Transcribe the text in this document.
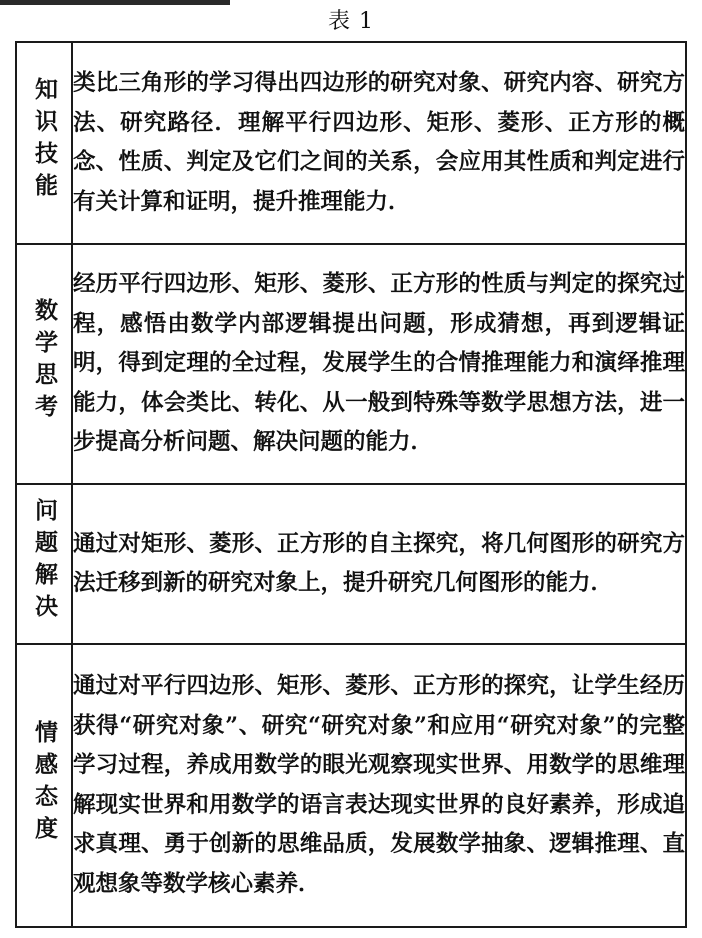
表 1
知识技能	类比三角形的学习得出四边形的研究对象、研究内容、研究方法、研究路径．理解平行四边形、矩形、菱形、正方形的概念、性质、判定及它们之间的关系，会应用其性质和判定进行有关计算和证明，提升推理能力．
数学思考	经历平行四边形、矩形、菱形、正方形的性质与判定的探究过程，感悟由数学内部逻辑提出问题，形成猜想，再到逻辑证明，得到定理的全过程，发展学生的合情推理能力和演绎推理能力，体会类比、转化、从一般到特殊等数学思想方法，进一步提高分析问题、解决问题的能力．
问题解决	通过对矩形、菱形、正方形的自主探究，将几何图形的研究方法迁移到新的研究对象上，提升研究几何图形的能力．
情感态度	通过对平行四边形、矩形、菱形、正方形的探究，让学生经历获得“研究对象”、研究“研究对象”和应用“研究对象”的完整学习过程，养成用数学的眼光观察现实世界、用数学的思维理解现实世界和用数学的语言表达现实世界的良好素养，形成追求真理、勇于创新的思维品质，发展数学抽象、逻辑推理、直观想象等数学核心素养．
